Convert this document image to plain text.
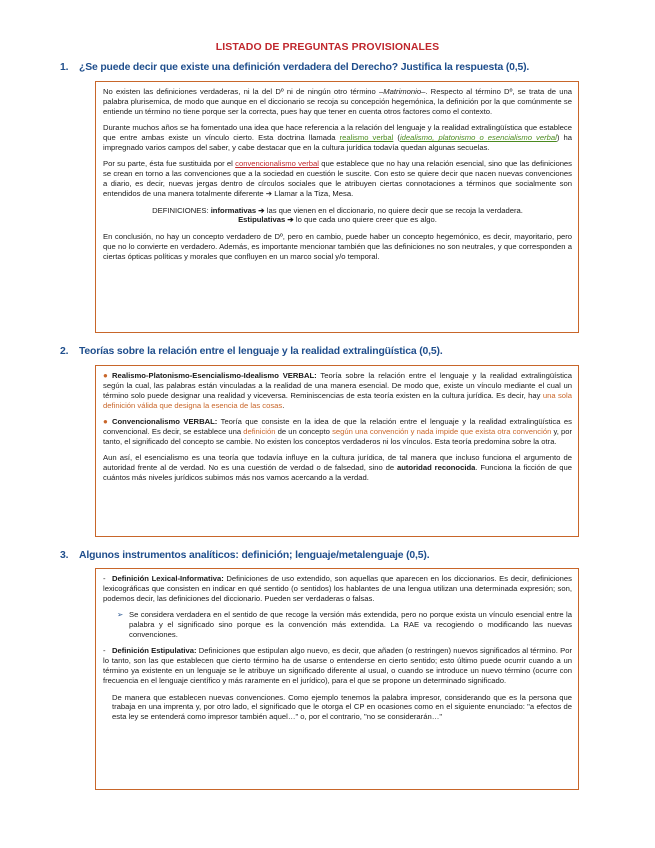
LISTADO DE PREGUNTAS PROVISIONALES
1. ¿Se puede decir que existe una definición verdadera del Derecho? Justifica la respuesta (0,5).

No existen las definiciones verdaderas, ni la del Dº ni de ningún otro término –Matrimonio–. Respecto al término Dº, se trata de una palabra plurisemica, de modo que aunque en el diccionario se recoja su concepción hegemónica, la definición por la que comúnmente se entiende un término no tiene porque ser la correcta, pues hay que tener en cuenta otros factores como el contexto.

Durante muchos años se ha fomentado una idea que hace referencia a la relación del lenguaje y la realidad extralingüística que establece que entre ambas existe un vínculo cierto. Esta doctrina llamada realismo verbal (idealismo, platonismo o esencialismo verbal) ha impregnado varios campos del saber, y cabe destacar que en la cultura jurídica todavía quedan algunas secuelas.

Por su parte, ésta fue sustituida por el convencionalismo verbal que establece que no hay una relación esencial, sino que las definiciones se crean en torno a las convenciones que a la sociedad en cuestión le suscite. Con esto se quiere decir que nacen nuevas convenciones a diario, es decir, nuevas jergas dentro de círculos sociales que le atribuyen ciertas connotaciones a términos que socialmente son entendidos de una manera totalmente diferente ➔ Llamar a la Tiza, Mesa.

DEFINICIONES: informativas ➔ las que vienen en el diccionario, no quiere decir que se recoja la verdadera.

Estipulativas ➔ lo que cada uno quiere creer que es algo.

En conclusión, no hay un concepto verdadero de Dº, pero en cambio, puede haber un concepto hegemónico, es decir, mayoritario, pero que no lo convierte en verdadero. Además, es importante mencionar también que las definiciones no son neutrales, y que corresponden a ciertas ópticas políticas y morales que confluyen en un marco social y/o temporal.

2. Teorías sobre la relación entre el lenguaje y la realidad extralingüística (0,5).

● Realismo-Platonismo-Esencialismo-Idealismo VERBAL: Teoría sobre la relación entre el lenguaje y la realidad extralingüística según la cual, las palabras están vinculadas a la realidad de una manera esencial. De modo que, existe un vínculo mediante el cual un término solo puede designar una realidad y viceversa. Reminiscencias de esta teoría existen en la cultura jurídica. Es decir, hay una sola definición válida que designa la esencia de las cosas.

● Convencionalismo VERBAL: Teoría que consiste en la idea de que la relación entre el lenguaje y la realidad extralingüística es convencional. Es decir, se establece una definición de un concepto según una convención y nada impide que exista otra convención y, por tanto, el significado del concepto se cambie. No existen los conceptos verdaderos ni los vínculos. Esta teoría predomina sobre la otra.

Aun así, el esencialismo es una teoría que todavía influye en la cultura jurídica, de tal manera que incluso funciona el argumento de autoridad frente al de verdad. No es una cuestión de verdad o de falsedad, sino de autoridad reconocida. Funciona la ficción de que cuántos más niveles jurídicos subimos más nos vamos acercando a la verdad.

3. Algunos instrumentos analíticos: definición; lenguaje/metalenguaje (0,5).

- Definición Lexical-Informativa: Definiciones de uso extendido, son aquellas que aparecen en los diccionarios. Es decir, definiciones lexicográficas que consisten en indicar en qué sentido (o sentidos) los hablantes de una lengua utilizan una determinada expresión; son, podemos decir, las definiciones del diccionario. Pueden ser verdaderas o falsas.

➢ Se considera verdadera en el sentido de que recoge la versión más extendida, pero no porque exista un vínculo esencial entre la palabra y el significado sino porque es la convención más extendida. La RAE va recogiendo o modificando las nuevas convenciones.

- Definición Estipulativa: Definiciones que estipulan algo nuevo, es decir, que añaden (o restringen) nuevos significados al término. Por lo tanto, son las que establecen que cierto término ha de usarse o entenderse en cierto sentido; esto último puede ocurrir cuando a un término ya existente en un lenguaje se le atribuye un significado diferente al usual, o cuando se introduce un nuevo término (ocurre con frecuencia en el lenguaje científico y más raramente en el jurídico), para el que se propone un determinado significado.

De manera que establecen nuevas convenciones. Como ejemplo tenemos la palabra impresor, considerando que es la persona que trabaja en una imprenta y, por otro lado, el significado que le otorga el CP en ocasiones como en el siguiente enunciado: "a efectos de esta ley se entenderá como impresor también aquel…" o, por el contrario, "no se considerarán…"
